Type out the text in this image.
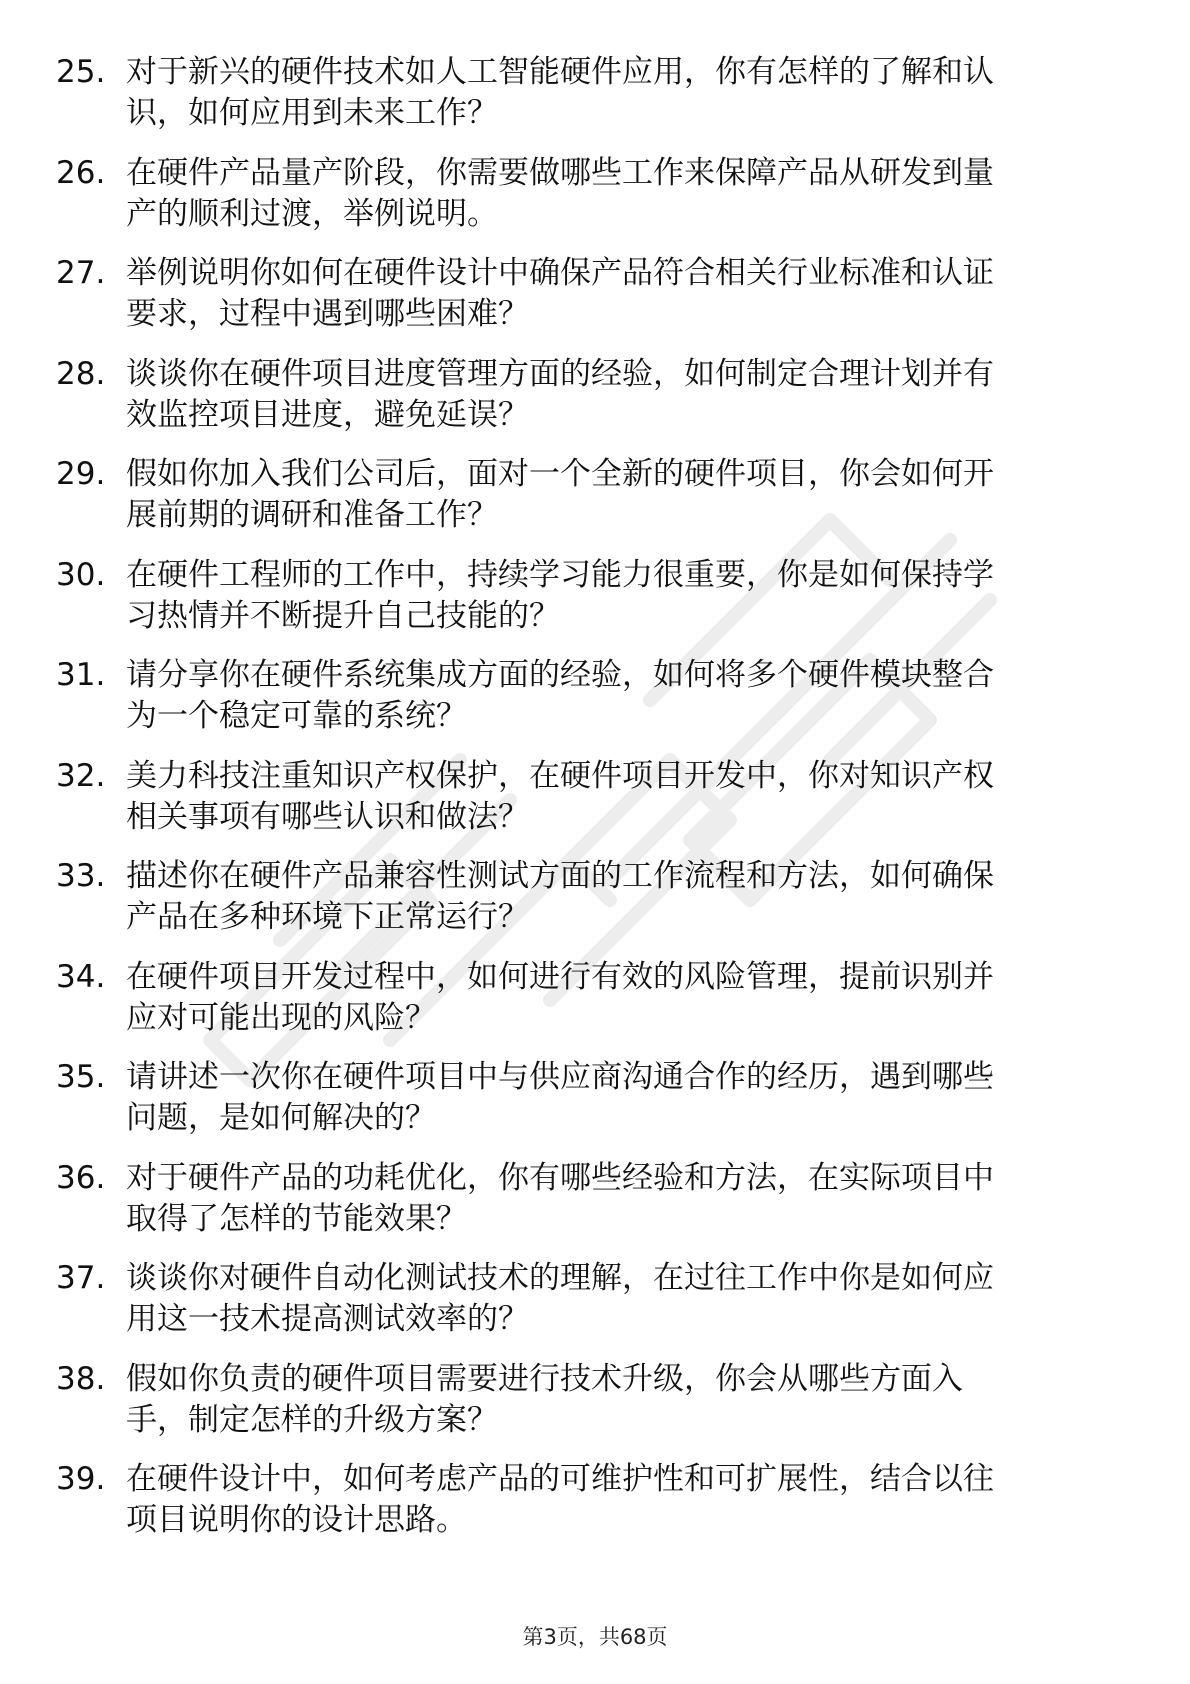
25. 对于新兴的硬件技术如人工智能硬件应用，你有怎样的了解和认
识，如何应用到未来工作？
26. 在硬件产品量产阶段，你需要做哪些工作来保障产品从研发到量
产的顺利过渡，举例说明。
27. 举例说明你如何在硬件设计中确保产品符合相关行业标准和认证
要求，过程中遇到哪些困难？
28. 谈谈你在硬件项目进度管理方面的经验，如何制定合理计划并有
效监控项目进度，避免延误？
29. 假如你加入我们公司后，面对一个全新的硬件项目，你会如何开
展前期的调研和准备工作？
30. 在硬件工程师的工作中，持续学习能力很重要，你是如何保持学
习热情并不断提升自己技能的？
31. 请分享你在硬件系统集成方面的经验，如何将多个硬件模块整合
为一个稳定可靠的系统？
32. 美力科技注重知识产权保护，在硬件项目开发中，你对知识产权
相关事项有哪些认识和做法？
33. 描述你在硬件产品兼容性测试方面的工作流程和方法，如何确保
产品在多种环境下正常运行？
34. 在硬件项目开发过程中，如何进行有效的风险管理，提前识别并
应对可能出现的风险？
35. 请讲述一次你在硬件项目中与供应商沟通合作的经历，遇到哪些
问题，是如何解决的？
36. 对于硬件产品的功耗优化，你有哪些经验和方法，在实际项目中
取得了怎样的节能效果？
37. 谈谈你对硬件自动化测试技术的理解，在过往工作中你是如何应
用这一技术提高测试效率的？
38. 假如你负责的硬件项目需要进行技术升级，你会从哪些方面入
手，制定怎样的升级方案？
39. 在硬件设计中，如何考虑产品的可维护性和可扩展性，结合以往
项目说明你的设计思路。
第3页，共68页
